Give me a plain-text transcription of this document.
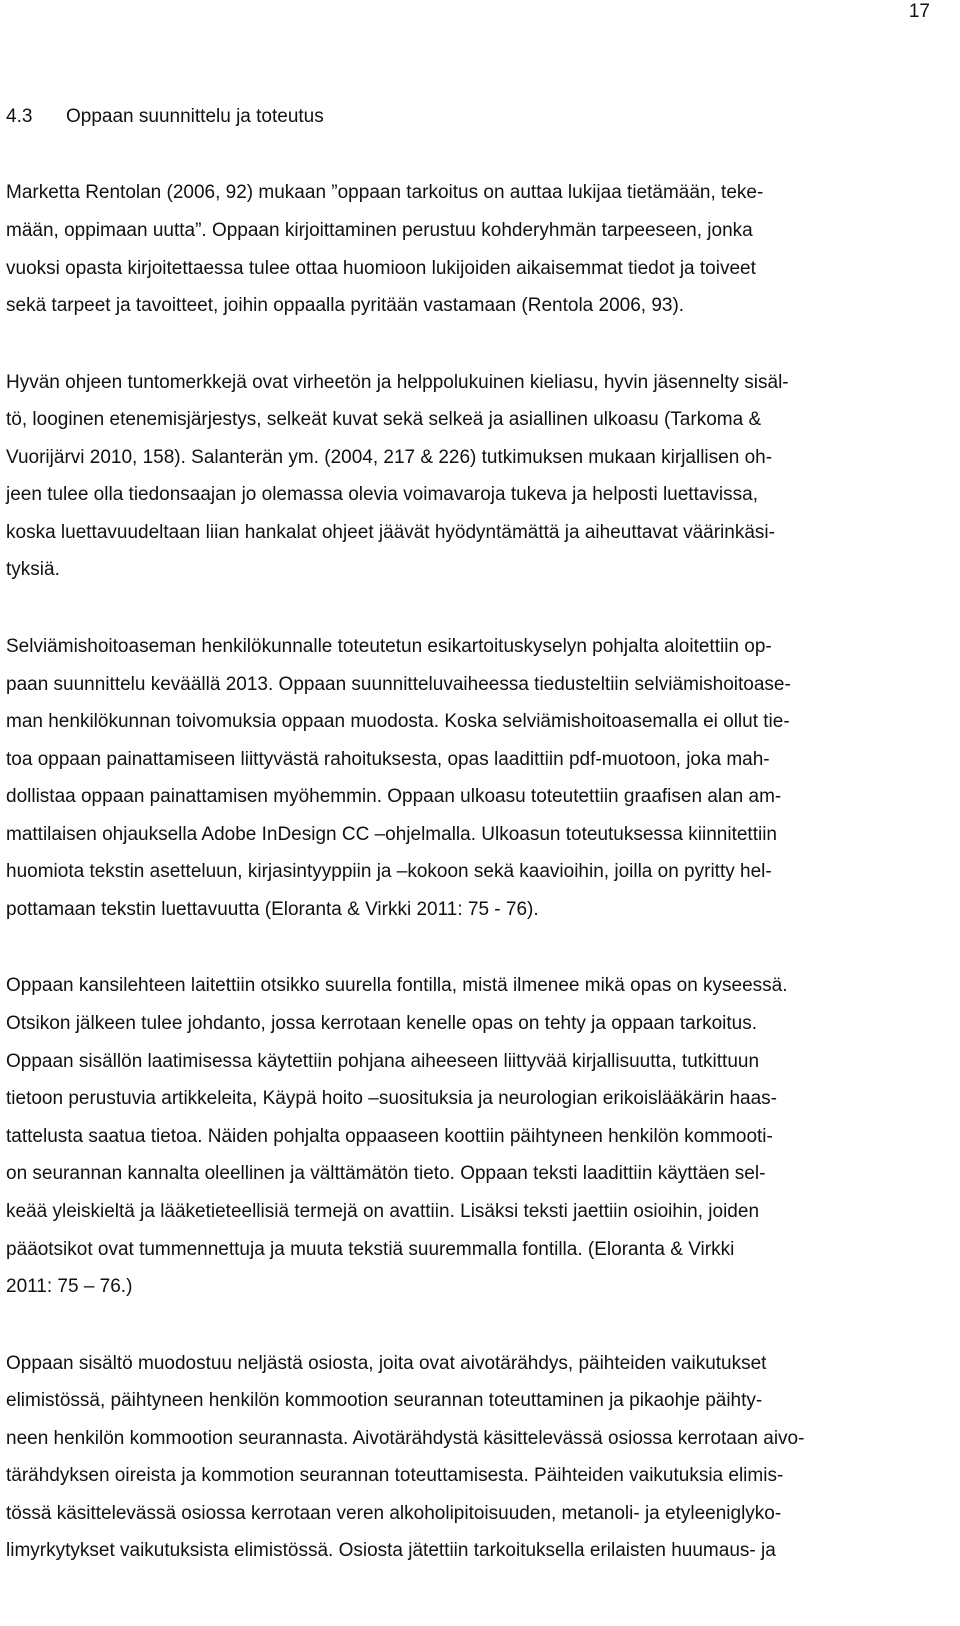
17
4.3 Oppaan suunnittelu ja toteutus
Marketta Rentolan (2006, 92) mukaan ”oppaan tarkoitus on auttaa lukijaa tietämään, teke-
mään, oppimaan uutta”. Oppaan kirjoittaminen perustuu kohderyhmän tarpeeseen, jonka
vuoksi opasta kirjoitettaessa tulee ottaa huomioon lukijoiden aikaisemmat tiedot ja toiveet
sekä tarpeet ja tavoitteet, joihin oppaalla pyritään vastamaan (Rentola 2006, 93).
Hyvän ohjeen tuntomerkkejä ovat virheetön ja helppolukuinen kieliasu, hyvin jäsennelty sisäl-
tö, looginen etenemisjärjestys, selkeät kuvat sekä selkeä ja asiallinen ulkoasu (Tarkoma &
Vuorijärvi 2010, 158). Salanterän ym. (2004, 217 & 226) tutkimuksen mukaan kirjallisen oh-
jeen tulee olla tiedonsaajan jo olemassa olevia voimavaroja tukeva ja helposti luettavissa,
koska luettavuudeltaan liian hankalat ohjeet jäävät hyödyntämättä ja aiheuttavat väärinkäsi-
tyksiä.
Selviämishoitoaseman henkilökunnalle toteutetun esikartoituskyselyn pohjalta aloitettiin op-
paan suunnittelu keväällä 2013. Oppaan suunnitteluvaiheessa tiedusteltiin selviämishoitoase-
man henkilökunnan toivomuksia oppaan muodosta. Koska selviämishoitoasemalla ei ollut tie-
toa oppaan painattamiseen liittyvästä rahoituksesta, opas laadittiin pdf-muotoon, joka mah-
dollistaa oppaan painattamisen myöhemmin. Oppaan ulkoasu toteutettiin graafisen alan am-
mattilaisen ohjauksella Adobe InDesign CC –ohjelmalla. Ulkoasun toteutuksessa kiinnitettiin
huomiota tekstin asetteluun, kirjasintyyppiin ja –kokoon sekä kaavioihin, joilla on pyritty hel-
pottamaan tekstin luettavuutta (Eloranta & Virkki 2011: 75 - 76).
Oppaan kansilehteen laitettiin otsikko suurella fontilla, mistä ilmenee mikä opas on kyseessä.
Otsikon jälkeen tulee johdanto, jossa kerrotaan kenelle opas on tehty ja oppaan tarkoitus.
Oppaan sisällön laatimisessa käytettiin pohjana aiheeseen liittyvää kirjallisuutta, tutkittuun
tietoon perustuvia artikkeleita, Käypä hoito –suosituksia ja neurologian erikoislääkärin haas-
tattelusta saatua tietoa. Näiden pohjalta oppaaseen koottiin päihtyneen henkilön kommooti-
on seurannan kannalta oleellinen ja välttämätön tieto. Oppaan teksti laadittiin käyttäen sel-
keää yleiskieltä ja lääketieteellisiä termejä on avattiin. Lisäksi teksti jaettiin osioihin, joiden
pääotsikot ovat tummennettuja ja muuta tekstiä suuremmalla fontilla. (Eloranta & Virkki
2011: 75 – 76.)
Oppaan sisältö muodostuu neljästä osiosta, joita ovat aivotärähdys, päihteiden vaikutukset
elimistössä, päihtyneen henkilön kommootion seurannan toteuttaminen ja pikaohje päihty-
neen henkilön kommootion seurannasta. Aivotärähdystä käsittelevässä osiossa kerrotaan aivo-
tärähdyksen oireista ja kommotion seurannan toteuttamisesta. Päihteiden vaikutuksia elimis-
tössä käsittelevässä osiossa kerrotaan veren alkoholipitoisuuden, metanoli- ja etyleeniglyko-
limyrkytykset vaikutuksista elimistössä. Osiosta jätettiin tarkoituksella erilaisten huumaus- ja
